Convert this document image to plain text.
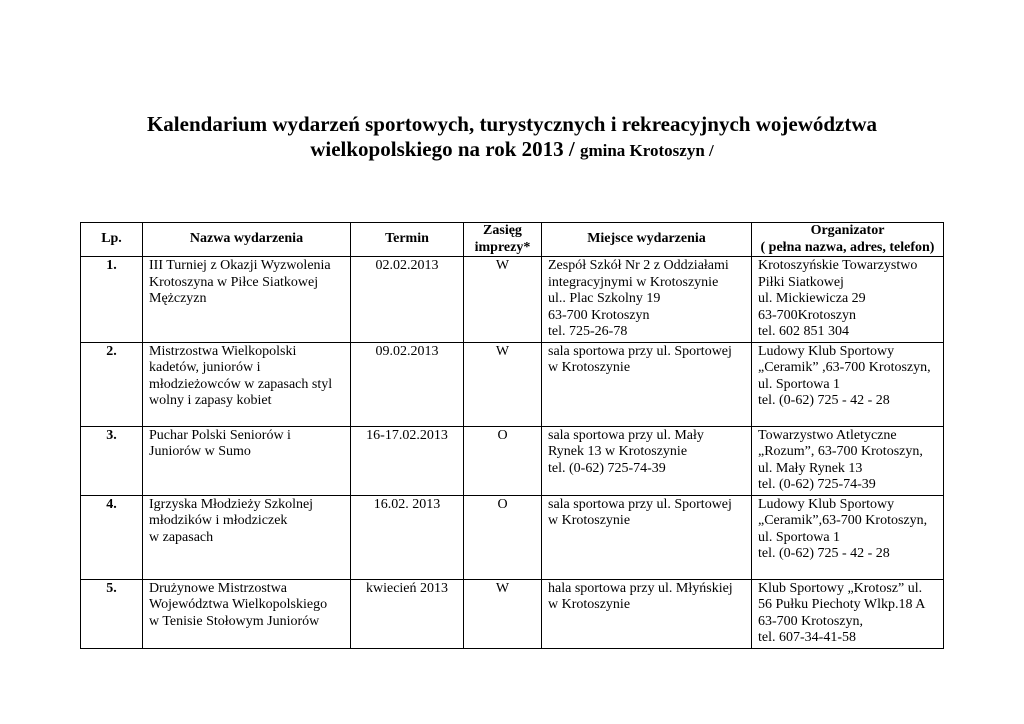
Kalendarium wydarzeń sportowych, turystycznych i rekreacyjnych województwa
wielkopolskiego na rok 2013 / gmina Krotoszyn /
Lp.	Nazwa wydarzenia	Termin	Zasięg
imprezy*	Miejsce wydarzenia	Organizator
( pełna nazwa, adres, telefon)

1.	III Turniej z Okazji Wyzwolenia
Krotoszyna w Piłce Siatkowej
Mężczyzn	02.02.2013	W	Zespół Szkół Nr 2 z Oddziałami
integracyjnymi w Krotoszynie
ul.. Plac Szkolny 19
63-700 Krotoszyn
tel. 725-26-78	Krotoszyńskie Towarzystwo
Piłki Siatkowej
ul. Mickiewicza 29
63-700Krotoszyn
tel. 602 851 304

2.	Mistrzostwa Wielkopolski
kadetów, juniorów i
młodzieżowców w zapasach styl
wolny i zapasy kobiet	09.02.2013	W	sala sportowa przy ul. Sportowej
w Krotoszynie	Ludowy Klub Sportowy
„Ceramik” ,63-700 Krotoszyn,
ul. Sportowa 1
tel. (0-62) 725 - 42 - 28

3.	Puchar Polski Seniorów i
Juniorów w Sumo	16-17.02.2013	O	sala sportowa przy ul. Mały
Rynek 13 w Krotoszynie
tel. (0-62) 725-74-39	Towarzystwo Atletyczne
„Rozum”, 63-700 Krotoszyn,
ul. Mały Rynek 13
tel. (0-62) 725-74-39

4.	Igrzyska Młodzieży Szkolnej
młodzików i młodziczek
w zapasach	16.02. 2013	O	sala sportowa przy ul. Sportowej
w Krotoszynie	Ludowy Klub Sportowy
„Ceramik”,63-700 Krotoszyn,
ul. Sportowa 1
tel. (0-62) 725 - 42 - 28

5.	Drużynowe Mistrzostwa
Województwa Wielkopolskiego
w Tenisie Stołowym Juniorów	kwiecień 2013	W	hala sportowa przy ul. Młyńskiej
w Krotoszynie	Klub Sportowy „Krotosz” ul.
56 Pułku Piechoty Wlkp.18 A
63-700 Krotoszyn,
tel. 607-34-41-58
